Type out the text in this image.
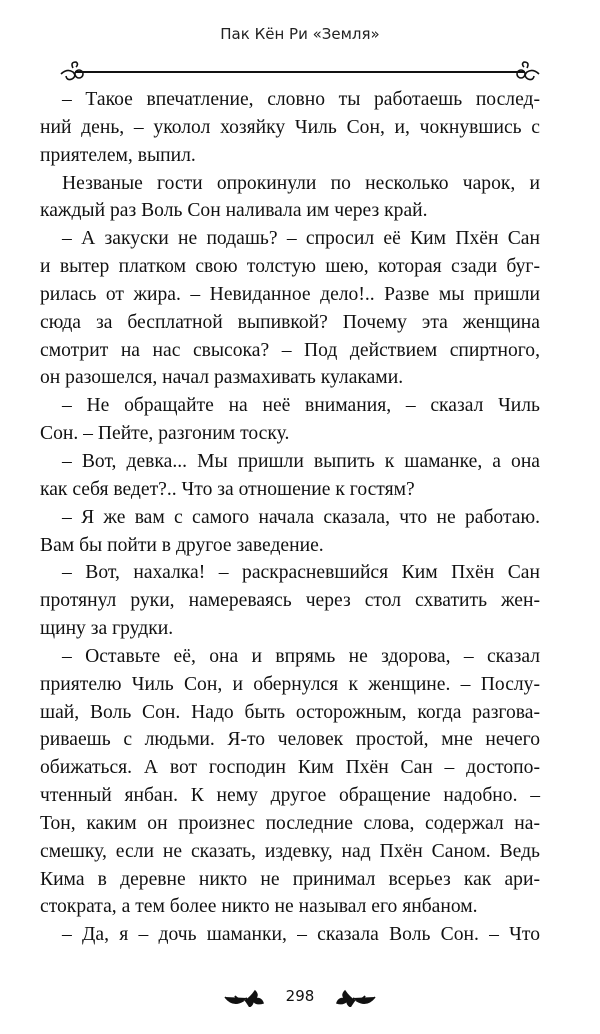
Пак Кён Ри «Земля»
– Такое впечатление, словно ты работаешь послед-
ний день, – уколол хозяйку Чиль Сон, и, чокнувшись с
приятелем, выпил.
Незваные гости опрокинули по несколько чарок, и
каждый раз Воль Сон наливала им через край.
– А закуски не подашь? – спросил её Ким Пхён Сан
и вытер платком свою толстую шею, которая сзади буг-
рилась от жира. – Невиданное дело!.. Разве мы пришли
сюда за бесплатной выпивкой? Почему эта женщина
смотрит на нас свысока? – Под действием спиртного,
он разошелся, начал размахивать кулаками.
– Не обращайте на неё внимания, – сказал Чиль
Сон. – Пейте, разгоним тоску.
– Вот, девка... Мы пришли выпить к шаманке, а она
как себя ведет?.. Что за отношение к гостям?
– Я же вам с самого начала сказала, что не работаю.
Вам бы пойти в другое заведение.
– Вот, нахалка! – раскрасневшийся Ким Пхён Сан
протянул руки, намереваясь через стол схватить жен-
щину за грудки.
– Оставьте её, она и впрямь не здорова, – сказал
приятелю Чиль Сон, и обернулся к женщине. – Послу-
шай, Воль Сон. Надо быть осторожным, когда разгова-
риваешь с людьми. Я-то человек простой, мне нечего
обижаться. А вот господин Ким Пхён Сан – достопо-
чтенный янбан. К нему другое обращение надобно. –
Тон, каким он произнес последние слова, содержал на-
смешку, если не сказать, издевку, над Пхён Саном. Ведь
Кима в деревне никто не принимал всерьез как ари-
стократа, а тем более никто не называл его янбаном.
– Да, я – дочь шаманки, – сказала Воль Сон. – Что
298
